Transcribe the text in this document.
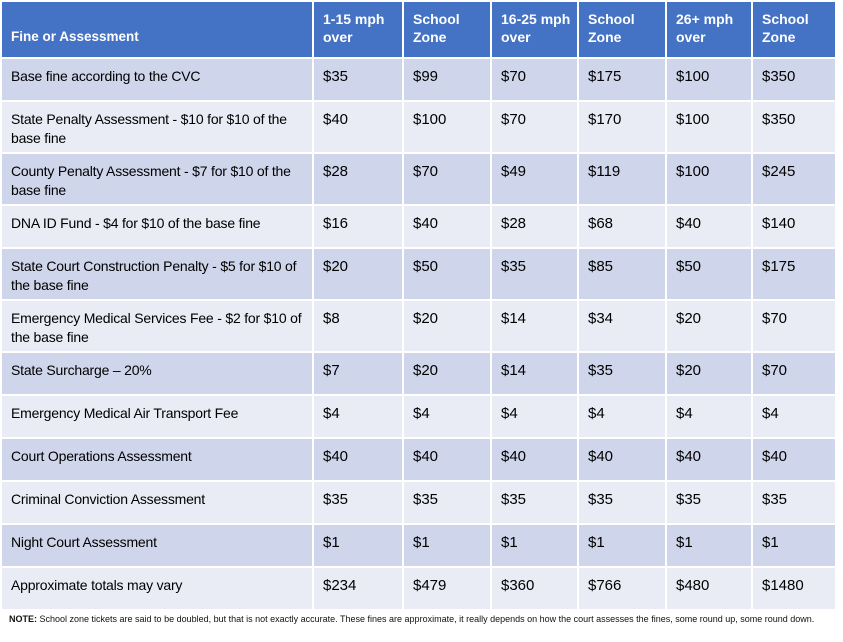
Fine or Assessment	1-15 mph over	School Zone	16-25 mph over	School Zone	26+ mph over	School Zone
Base fine according to the CVC	$35	$99	$70	$175	$100	$350
State Penalty Assessment - $10 for $10 of the base fine	$40	$100	$70	$170	$100	$350
County Penalty Assessment - $7 for $10 of the base fine	$28	$70	$49	$119	$100	$245
DNA ID Fund - $4 for $10 of the base fine	$16	$40	$28	$68	$40	$140
State Court Construction Penalty - $5 for $10 of the base fine	$20	$50	$35	$85	$50	$175
Emergency Medical Services Fee - $2 for $10 of the base fine	$8	$20	$14	$34	$20	$70
State Surcharge – 20%	$7	$20	$14	$35	$20	$70
Emergency Medical Air Transport Fee	$4	$4	$4	$4	$4	$4
Court Operations Assessment	$40	$40	$40	$40	$40	$40
Criminal Conviction Assessment	$35	$35	$35	$35	$35	$35
Night Court Assessment	$1	$1	$1	$1	$1	$1
Approximate totals may vary	$234	$479	$360	$766	$480	$1480
NOTE: School zone tickets are said to be doubled, but that is not exactly accurate. These fines are approximate, it really depends on how the court assesses the fines, some round up, some round down.
